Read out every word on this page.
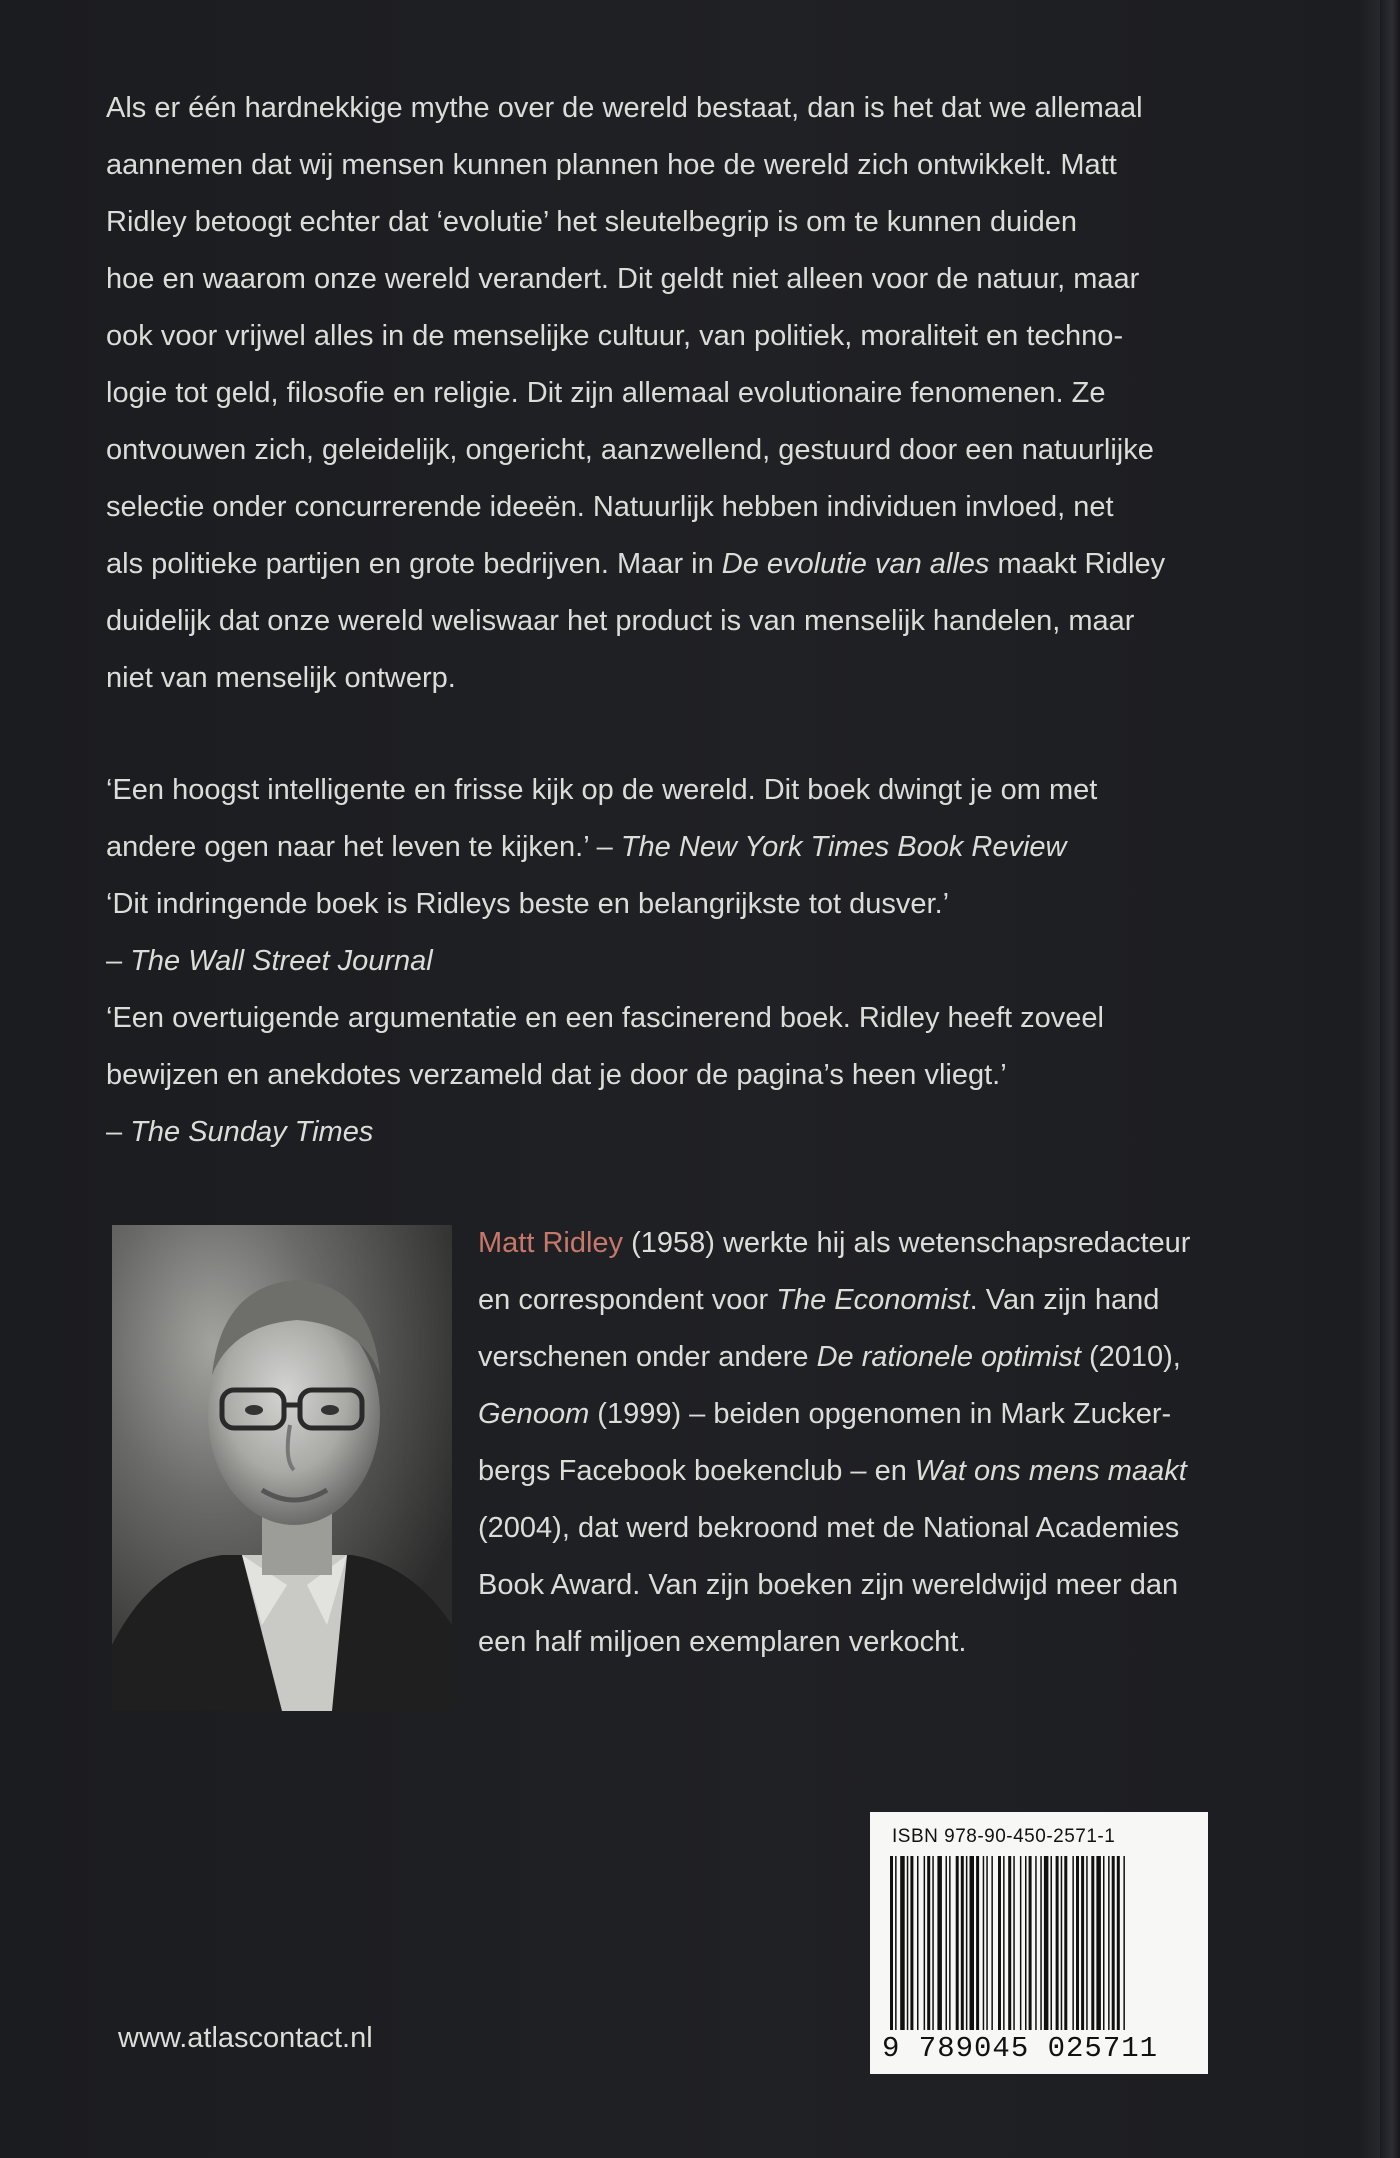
Als er één hardnekkige mythe over de wereld bestaat, dan is het dat we allemaal
aannemen dat wij mensen kunnen plannen hoe de wereld zich ontwikkelt. Matt
Ridley betoogt echter dat ‘evolutie’ het sleutelbegrip is om te kunnen duiden
hoe en waarom onze wereld verandert. Dit geldt niet alleen voor de natuur, maar
ook voor vrijwel alles in de menselijke cultuur, van politiek, moraliteit en techno-
logie tot geld, filosofie en religie. Dit zijn allemaal evolutionaire fenomenen. Ze
ontvouwen zich, geleidelijk, ongericht, aanzwellend, gestuurd door een natuurlijke
selectie onder concurrerende ideeën. Natuurlijk hebben individuen invloed, net
als politieke partijen en grote bedrijven. Maar in De evolutie van alles maakt Ridley
duidelijk dat onze wereld weliswaar het product is van menselijk handelen, maar
niet van menselijk ontwerp.
‘Een hoogst intelligente en frisse kijk op de wereld. Dit boek dwingt je om met
andere ogen naar het leven te kijken.’ – The New York Times Book Review
‘Dit indringende boek is Ridleys beste en belangrijkste tot dusver.’
– The Wall Street Journal
‘Een overtuigende argumentatie en een fascinerend boek. Ridley heeft zoveel
bewijzen en anekdotes verzameld dat je door de pagina’s heen vliegt.’
– The Sunday Times
Matt Ridley (1958) werkte hij als wetenschapsredacteur
en correspondent voor The Economist. Van zijn hand
verschenen onder andere De rationele optimist (2010),
Genoom (1999) – beiden opgenomen in Mark Zucker-
bergs Facebook boekenclub – en Wat ons mens maakt
(2004), dat werd bekroond met de National Academies
Book Award. Van zijn boeken zijn wereldwijd meer dan
een half miljoen exemplaren verkocht.
ISBN 978-90-450-2571-1
9 789045 025711
www.atlascontact.nl
